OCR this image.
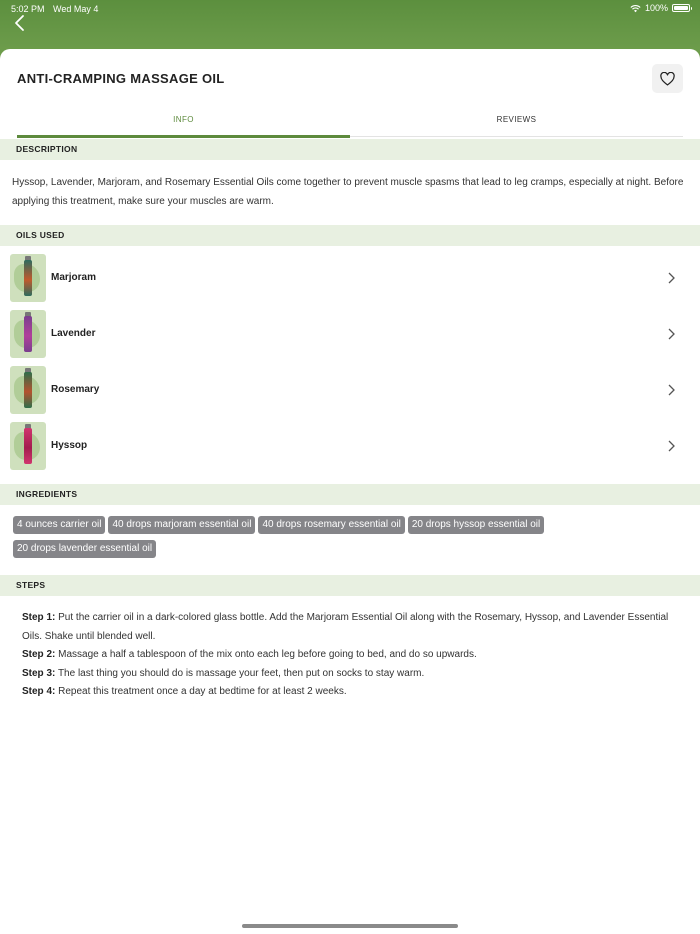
5:02 PM Wed May 4	100%
ANTI-CRAMPING MASSAGE OIL
INFO	REVIEWS
DESCRIPTION
Hyssop, Lavender, Marjoram, and Rosemary Essential Oils come together to prevent muscle spasms that lead to leg cramps, especially at night. Before applying this treatment, make sure your muscles are warm.
OILS USED
Marjoram
Lavender
Rosemary
Hyssop
INGREDIENTS
4 ounces carrier oil 40 drops marjoram essential oil 40 drops rosemary essential oil 20 drops hyssop essential oil20 drops lavender essential oil
STEPS

Step 1: Put the carrier oil in a dark-colored glass bottle. Add the Marjoram Essential Oil along with the Rosemary, Hyssop, and Lavender Essential Oils. Shake until blended well.

Step 2: Massage a half a tablespoon of the mix onto each leg before going to bed, and do so upwards.

Step 3: The last thing you should do is massage your feet, then put on socks to stay warm.

Step 4: Repeat this treatment once a day at bedtime for at least 2 weeks.
